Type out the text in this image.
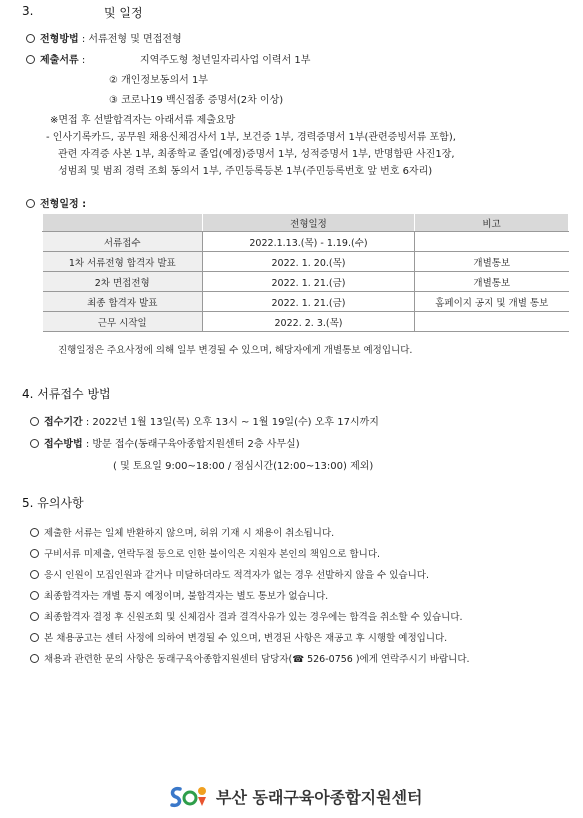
3.	및 일정
전형방법 : 서류전형 및 면접전형
제출서류 :	지역주도형 청년일자리사업 이력서 1부
② 개인정보동의서 1부
③ 코로나19 백신접종 증명서(2차 이상)
※면접 후 선발합격자는 아래서류 제출요망
- 인사기록카드, 공무원 채용신체검사서 1부, 보건증 1부, 경력증명서 1부(관련증빙서류 포함),
관련 자격증 사본 1부, 최종학교 졸업(예정)증명서 1부, 성적증명서 1부, 반명함판 사진1장,
성범죄 및 범죄 경력 조회 동의서 1부, 주민등록등본 1부(주민등록번호 앞 번호 6자리)
전형일정 :
	전형일정	비고
서류접수	2022.1.13.(목) - 1.19.(수)	
1차 서류전형 합격자 발표	2022. 1. 20.(목)	개별통보
2차 면접전형	2022. 1. 21.(금)	개별통보
최종 합격자 발표	2022. 1. 21.(금)	홈페이지 공지 및 개별 통보
근무 시작일	2022. 2. 3.(목)	
진행일정은 주요사정에 의해 일부 변경될 수 있으며, 해당자에게 개별통보 예정입니다.
4. 서류접수 방법
접수기간 : 2022년 1월 13일(목) 오후 13시 ~ 1월 19일(수) 오후 17시까지
접수방법 : 방문 접수(동래구육아종합지원센터 2층 사무실)
( 및 토요일 9:00~18:00 / 점심시간(12:00~13:00) 제외)
5. 유의사항
제출한 서류는 일체 반환하지 않으며, 허위 기재 시 채용이 취소됩니다.
구비서류 미제출, 연락두절 등으로 인한 불이익은 지원자 본인의 책임으로 합니다.
응시 인원이 모집인원과 같거나 미달하더라도 적격자가 없는 경우 선발하지 않을 수 있습니다.
최종합격자는 개별 통지 예정이며, 불합격자는 별도 통보가 없습니다.
최종합격자 결정 후 신원조회 및 신체검사 결과 결격사유가 있는 경우에는 합격을 취소할 수 있습니다.
본 채용공고는 센터 사정에 의하여 변경될 수 있으며, 변경된 사항은 재공고 후 시행할 예정입니다.
채용과 관련한 문의 사항은 동래구육아종합지원센터 담당자(☎ 526-0756 )에게 연락주시기 바랍니다.
부산 동래구육아종합지원센터
